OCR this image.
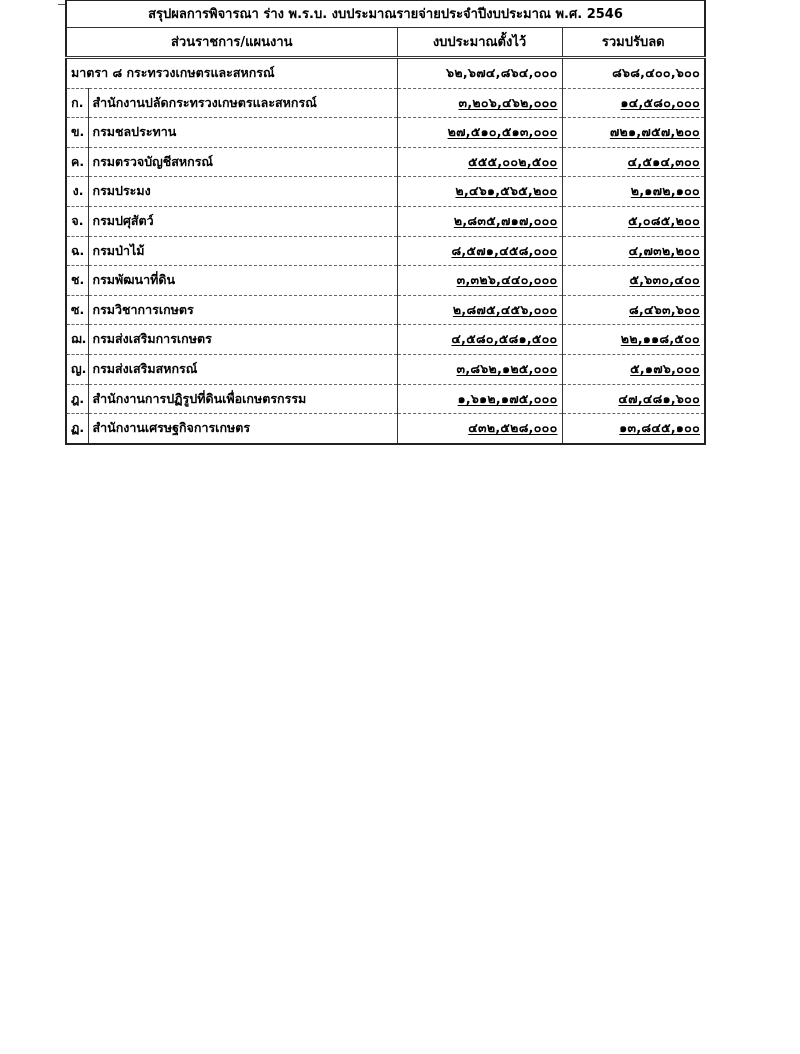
สรุปผลการพิจารณา ร่าง พ.ร.บ. งบประมาณรายจ่ายประจำปีงบประมาณ พ.ศ. 2546			
ส่วนราชการ/แผนงาน		งบประมาณตั้งไว้	รวมปรับลด
มาตรา ๘ กระทรวงเกษตรและสหกรณ์		๖๒,๖๗๔,๘๖๔,๐๐๐	๘๖๘,๔๐๐,๖๐๐
ก.	สำนักงานปลัดกระทรวงเกษตรและสหกรณ์	๓,๒๐๖,๔๖๒,๐๐๐	๑๔,๕๘๐,๐๐๐
ข.	กรมชลประทาน	๒๗,๕๑๐,๕๑๓,๐๐๐	๗๒๑,๗๕๗,๒๐๐
ค.	กรมตรวจบัญชีสหกรณ์	๕๕๕,๐๐๒,๕๐๐	๔,๕๑๔,๓๐๐
ง.	กรมประมง	๒,๔๖๑,๕๖๕,๒๐๐	๒,๑๗๒,๑๐๐
จ.	กรมปศุสัตว์	๒,๘๓๕,๗๑๗,๐๐๐	๕,๐๘๕,๒๐๐
ฉ.	กรมป่าไม้	๘,๕๗๑,๔๕๘,๐๐๐	๔,๗๓๒,๒๐๐
ช.	กรมพัฒนาที่ดิน	๓,๓๒๖,๔๔๐,๐๐๐	๕,๖๓๐,๔๐๐
ซ.	กรมวิชาการเกษตร	๒,๘๗๕,๔๕๖,๐๐๐	๘,๔๖๓,๖๐๐
ฌ.	กรมส่งเสริมการเกษตร	๔,๕๘๐,๕๘๑,๕๐๐	๒๒,๑๑๘,๕๐๐
ญ.	กรมส่งเสริมสหกรณ์	๓,๘๖๒,๑๒๕,๐๐๐	๕,๑๗๖,๐๐๐
ฎ.	สำนักงานการปฏิรูปที่ดินเพื่อเกษตรกรรม	๑,๖๑๒,๑๗๕,๐๐๐	๔๗,๔๘๑,๖๐๐
ฏ.	สำนักงานเศรษฐกิจการเกษตร	๔๓๒,๕๒๘,๐๐๐	๑๓,๘๔๕,๑๐๐
